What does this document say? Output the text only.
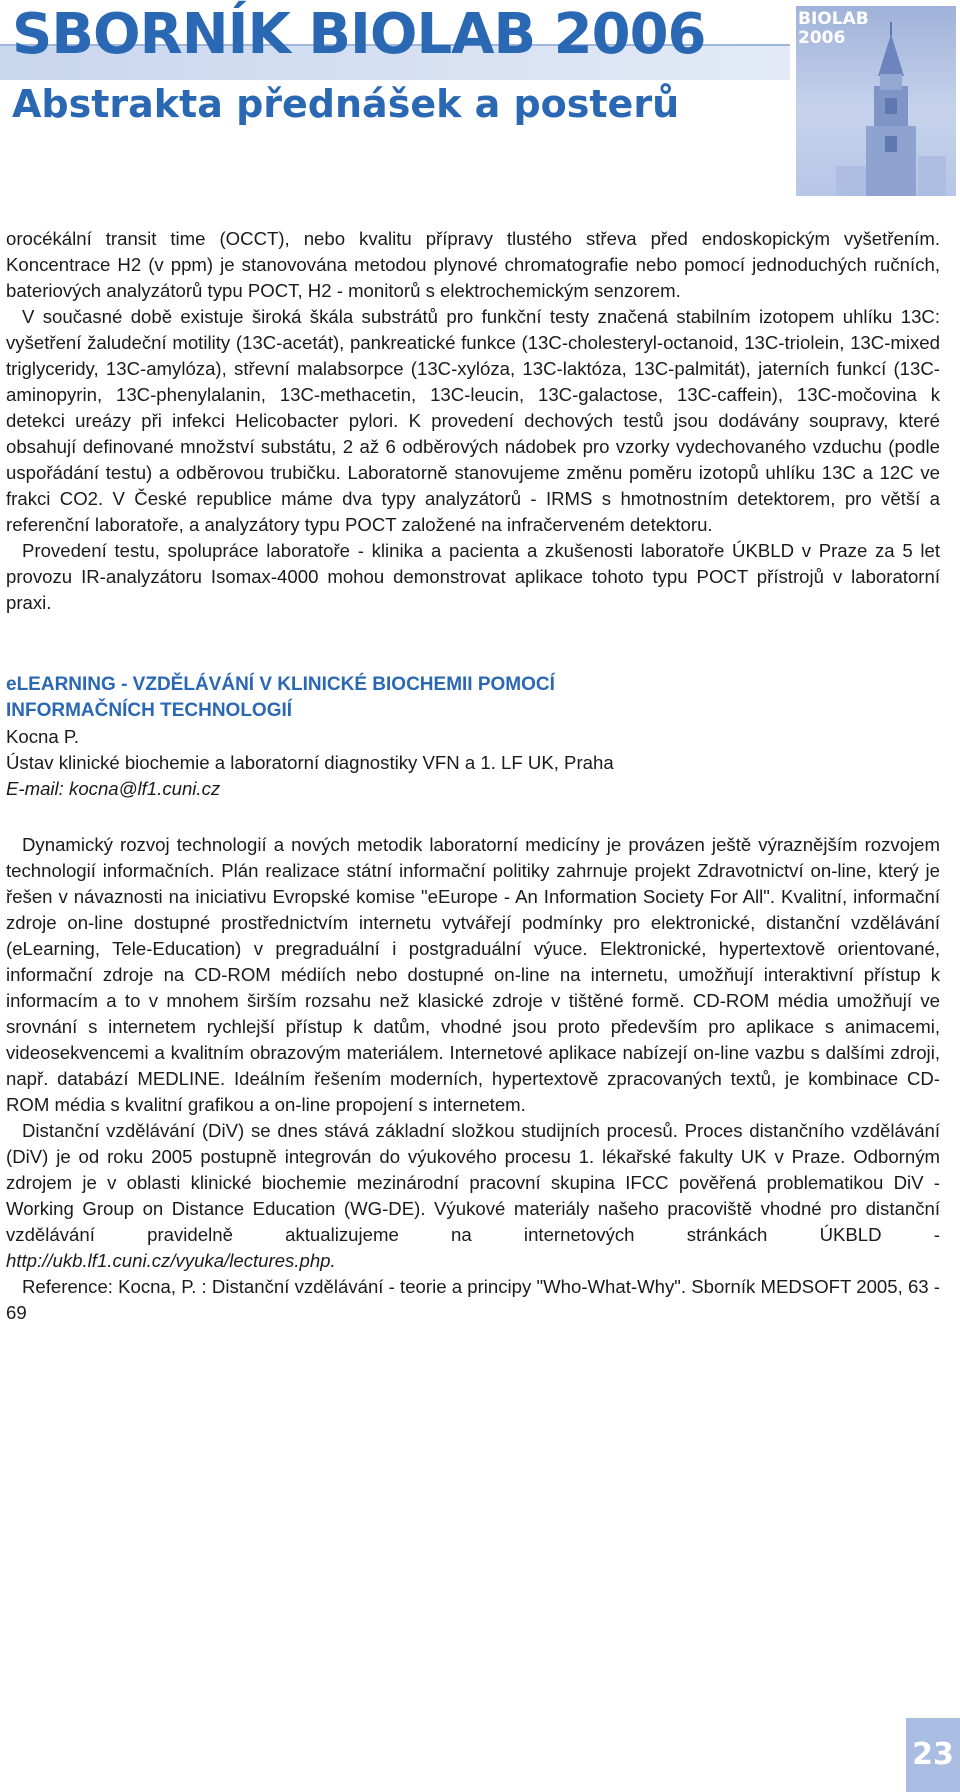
SBORNÍK BIOLAB 2006
Abstrakta přednášek a posterů
BIOLAB
2006

orocékální transit time (OCCT), nebo kvalitu přípravy tlustého střeva před endoskopickým vyšetřením. Koncentrace H2 (v ppm) je stanovována metodou plynové chromatografie nebo pomocí jednoduchých ručních, bateriových analyzátorů typu POCT, H2 - monitorů s elektrochemickým senzorem.

V současné době existuje široká škála substrátů pro funkční testy značená stabilním izotopem uhlíku 13C: vyšetření žaludeční motility (13C-acetát), pankreatické funkce (13C-cholesteryl-octanoid, 13C-triolein, 13C-mixed triglyceridy, 13C-amylóza), střevní malabsorpce (13C-xylóza, 13C-laktóza, 13C-palmitát), jaterních funkcí (13C-aminopyrin, 13C-phenylalanin, 13C-methacetin, 13C-leucin, 13C-galactose, 13C-caffein), 13C-močovina k detekci ureázy při infekci Helicobacter pylori. K provedení dechových testů jsou dodávány soupravy, které obsahují definované množství substátu, 2 až 6 odběrových nádobek pro vzorky vydechovaného vzduchu (podle uspořádání testu) a odběrovou trubičku. Laboratorně stanovujeme změnu poměru izotopů uhlíku 13C a 12C ve frakci CO2. V České republice máme dva typy analyzátorů - IRMS s hmotnostním detektorem, pro větší a referenční laboratoře, a analyzátory typu POCT založené na infračerveném detektoru.

Provedení testu, spolupráce laboratoře - klinika a pacienta a zkušenosti laboratoře ÚKBLD v Praze za 5 let provozu IR-analyzátoru Isomax-4000 mohou demonstrovat aplikace tohoto typu POCT přístrojů v laboratorní praxi.

eLEARNING - VZDĚLÁVÁNÍ V KLINICKÉ BIOCHEMII POMOCÍ

INFORMAČNÍCH TECHNOLOGIÍ

Kocna P.

Ústav klinické biochemie a laboratorní diagnostiky VFN a 1. LF UK, Praha

E-mail: kocna@lf1.cuni.cz

Dynamický rozvoj technologií a nových metodik laboratorní medicíny je provázen ještě výraznějším rozvojem technologií informačních. Plán realizace státní informační politiky zahrnuje projekt Zdravotnictví on-line, který je řešen v návaznosti na iniciativu Evropské komise "eEurope - An Information Society For All". Kvalitní, informační zdroje on-line dostupné prostřednictvím internetu vytvářejí podmínky pro elektronické, distanční vzdělávání (eLearning, Tele-Education) v pregraduální i postgraduální výuce. Elektronické, hypertextově orientované, informační zdroje na CD-ROM médiích nebo dostupné on-line na internetu, umožňují interaktivní přístup k informacím a to v mnohem širším rozsahu než klasické zdroje v tištěné formě. CD-ROM média umožňují ve srovnání s internetem rychlejší přístup k datům, vhodné jsou proto především pro aplikace s animacemi, videosekvencemi a kvalitním obrazovým materiálem. Internetové aplikace nabízejí on-line vazbu s dalšími zdroji, např. databází MEDLINE. Ideálním řešením moderních, hypertextově zpracovaných textů, je kombinace CD-ROM média s kvalitní grafikou a on-line propojení s internetem.

Distanční vzdělávání (DiV) se dnes stává základní složkou studijních procesů. Proces distančního vzdělávání (DiV) je od roku 2005 postupně integrován do výukového procesu 1. lékařské fakulty UK v Praze. Odborným zdrojem je v oblasti klinické biochemie mezinárodní pracovní skupina IFCC pověřená problematikou DiV - Working Group on Distance Education (WG-DE). Výukové materiály našeho pracoviště vhodné pro distanční vzdělávání pravidelně aktualizujeme na internetových stránkách ÚKBLD - http://ukb.lf1.cuni.cz/vyuka/lectures.php.

Reference: Kocna, P. : Distanční vzdělávání - teorie a principy "Who-What-Why". Sborník MEDSOFT 2005, 63 - 69

23
